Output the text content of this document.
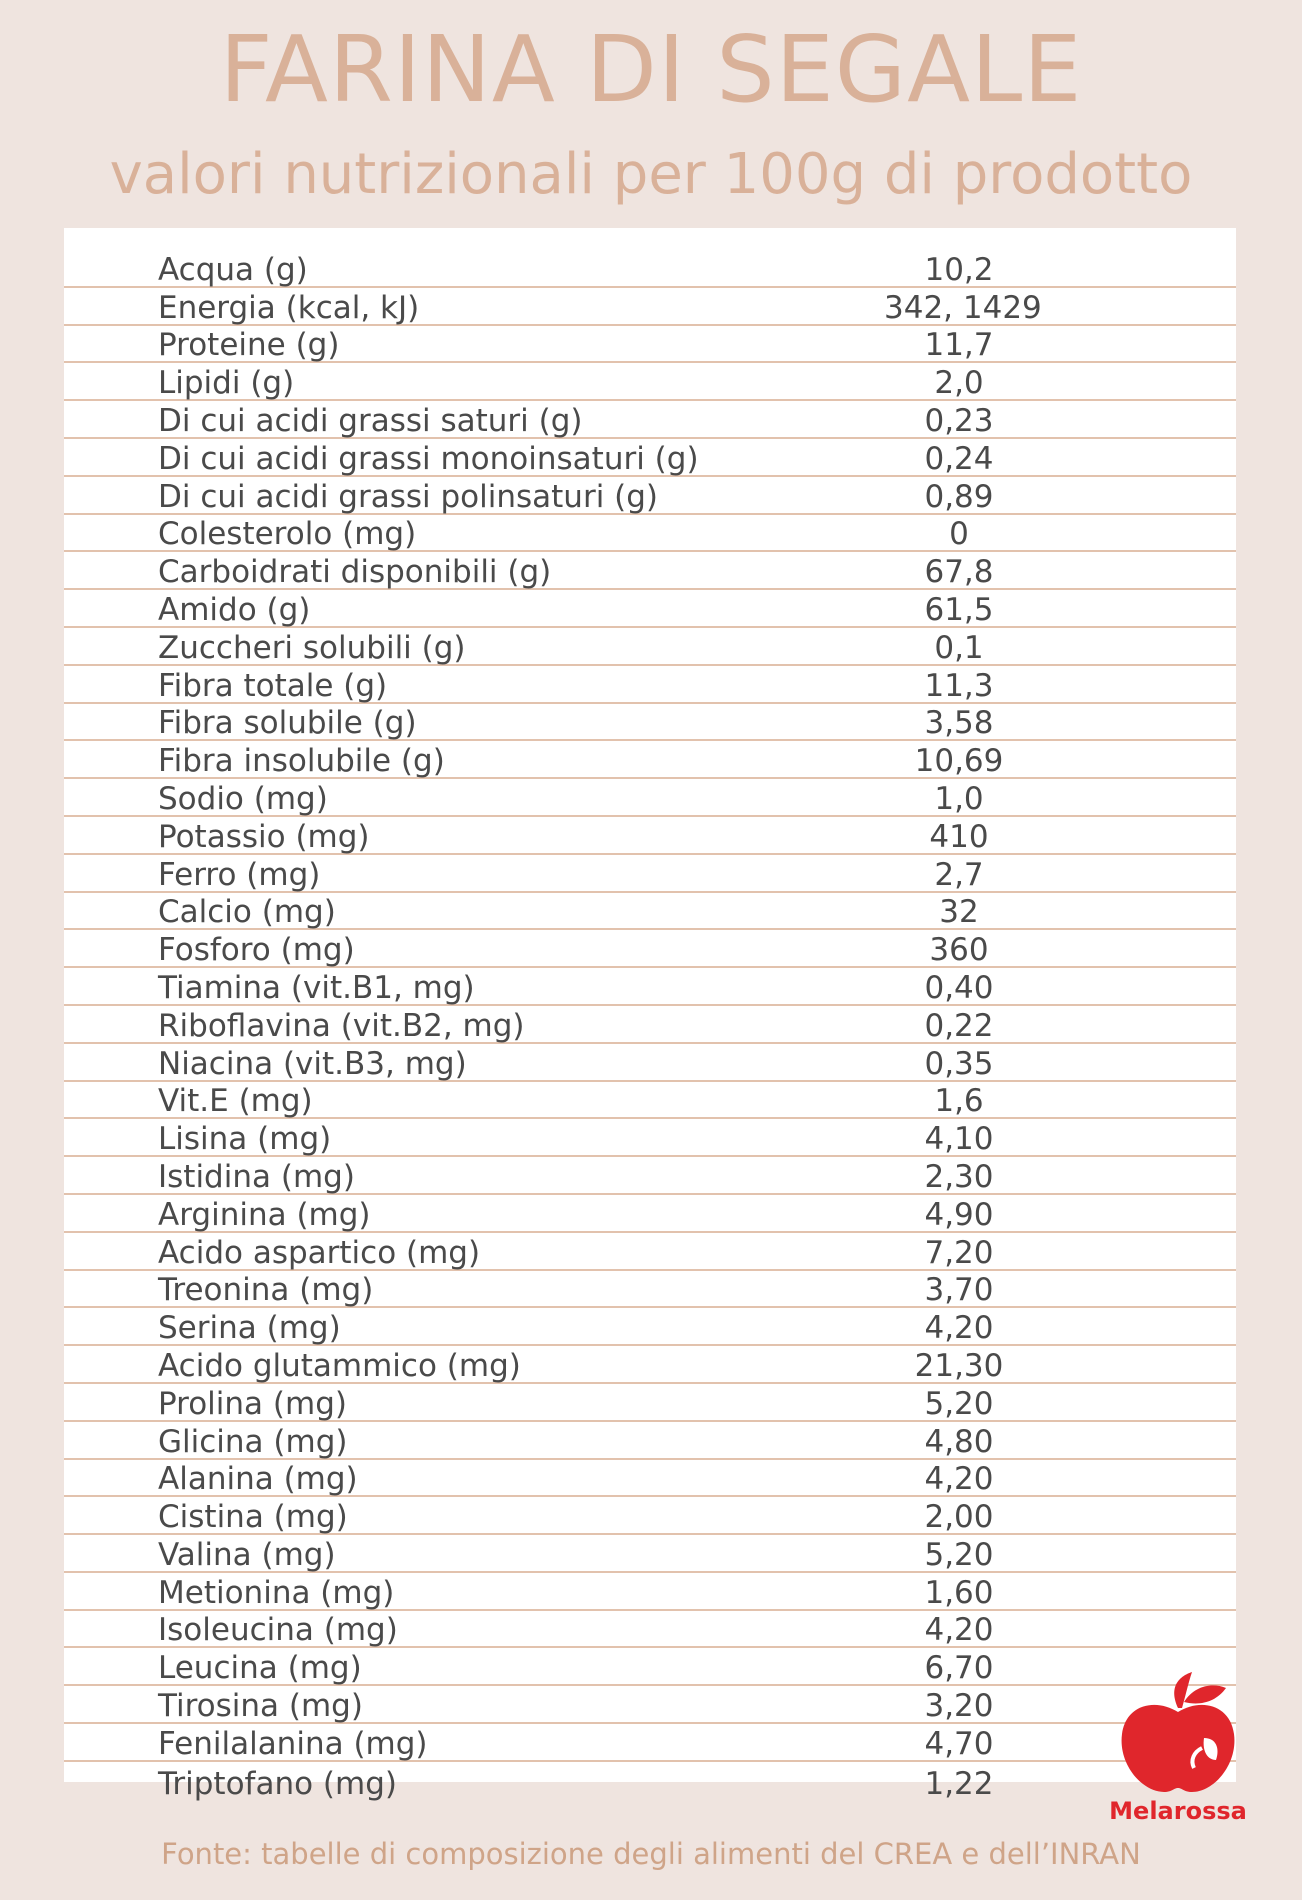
FARINA DI SEGALE
valori nutrizionali per 100g di prodotto
Acqua (g)	10,2
Energia (kcal, kJ)	342, 1429
Proteine (g)	11,7
Lipidi (g)	2,0
Di cui acidi grassi saturi (g)	0,23
Di cui acidi grassi monoinsaturi (g)	0,24
Di cui acidi grassi polinsaturi (g)	0,89
Colesterolo (mg)	0
Carboidrati disponibili (g)	67,8
Amido (g)	61,5
Zuccheri solubili (g)	0,1
Fibra totale (g)	11,3
Fibra solubile (g)	3,58
Fibra insolubile (g)	10,69
Sodio (mg)	1,0
Potassio (mg)	410
Ferro (mg)	2,7
Calcio (mg)	32
Fosforo (mg)	360
Tiamina (vit.B1, mg)	0,40
Riboflavina (vit.B2, mg)	0,22
Niacina (vit.B3, mg)	0,35
Vit.E (mg)	1,6
Lisina (mg)	4,10
Istidina (mg)	2,30
Arginina (mg)	4,90
Acido aspartico (mg)	7,20
Treonina (mg)	3,70
Serina (mg)	4,20
Acido glutammico (mg)	21,30
Prolina (mg)	5,20
Glicina (mg)	4,80
Alanina (mg)	4,20
Cistina (mg)	2,00
Valina (mg)	5,20
Metionina (mg)	1,60
Isoleucina (mg)	4,20
Leucina (mg)	6,70
Tirosina (mg)	3,20
Fenilalanina (mg)	4,70
Triptofano (mg)	1,22
Melarossa
Fonte: tabelle di composizione degli alimenti del CREA e dell’INRAN
